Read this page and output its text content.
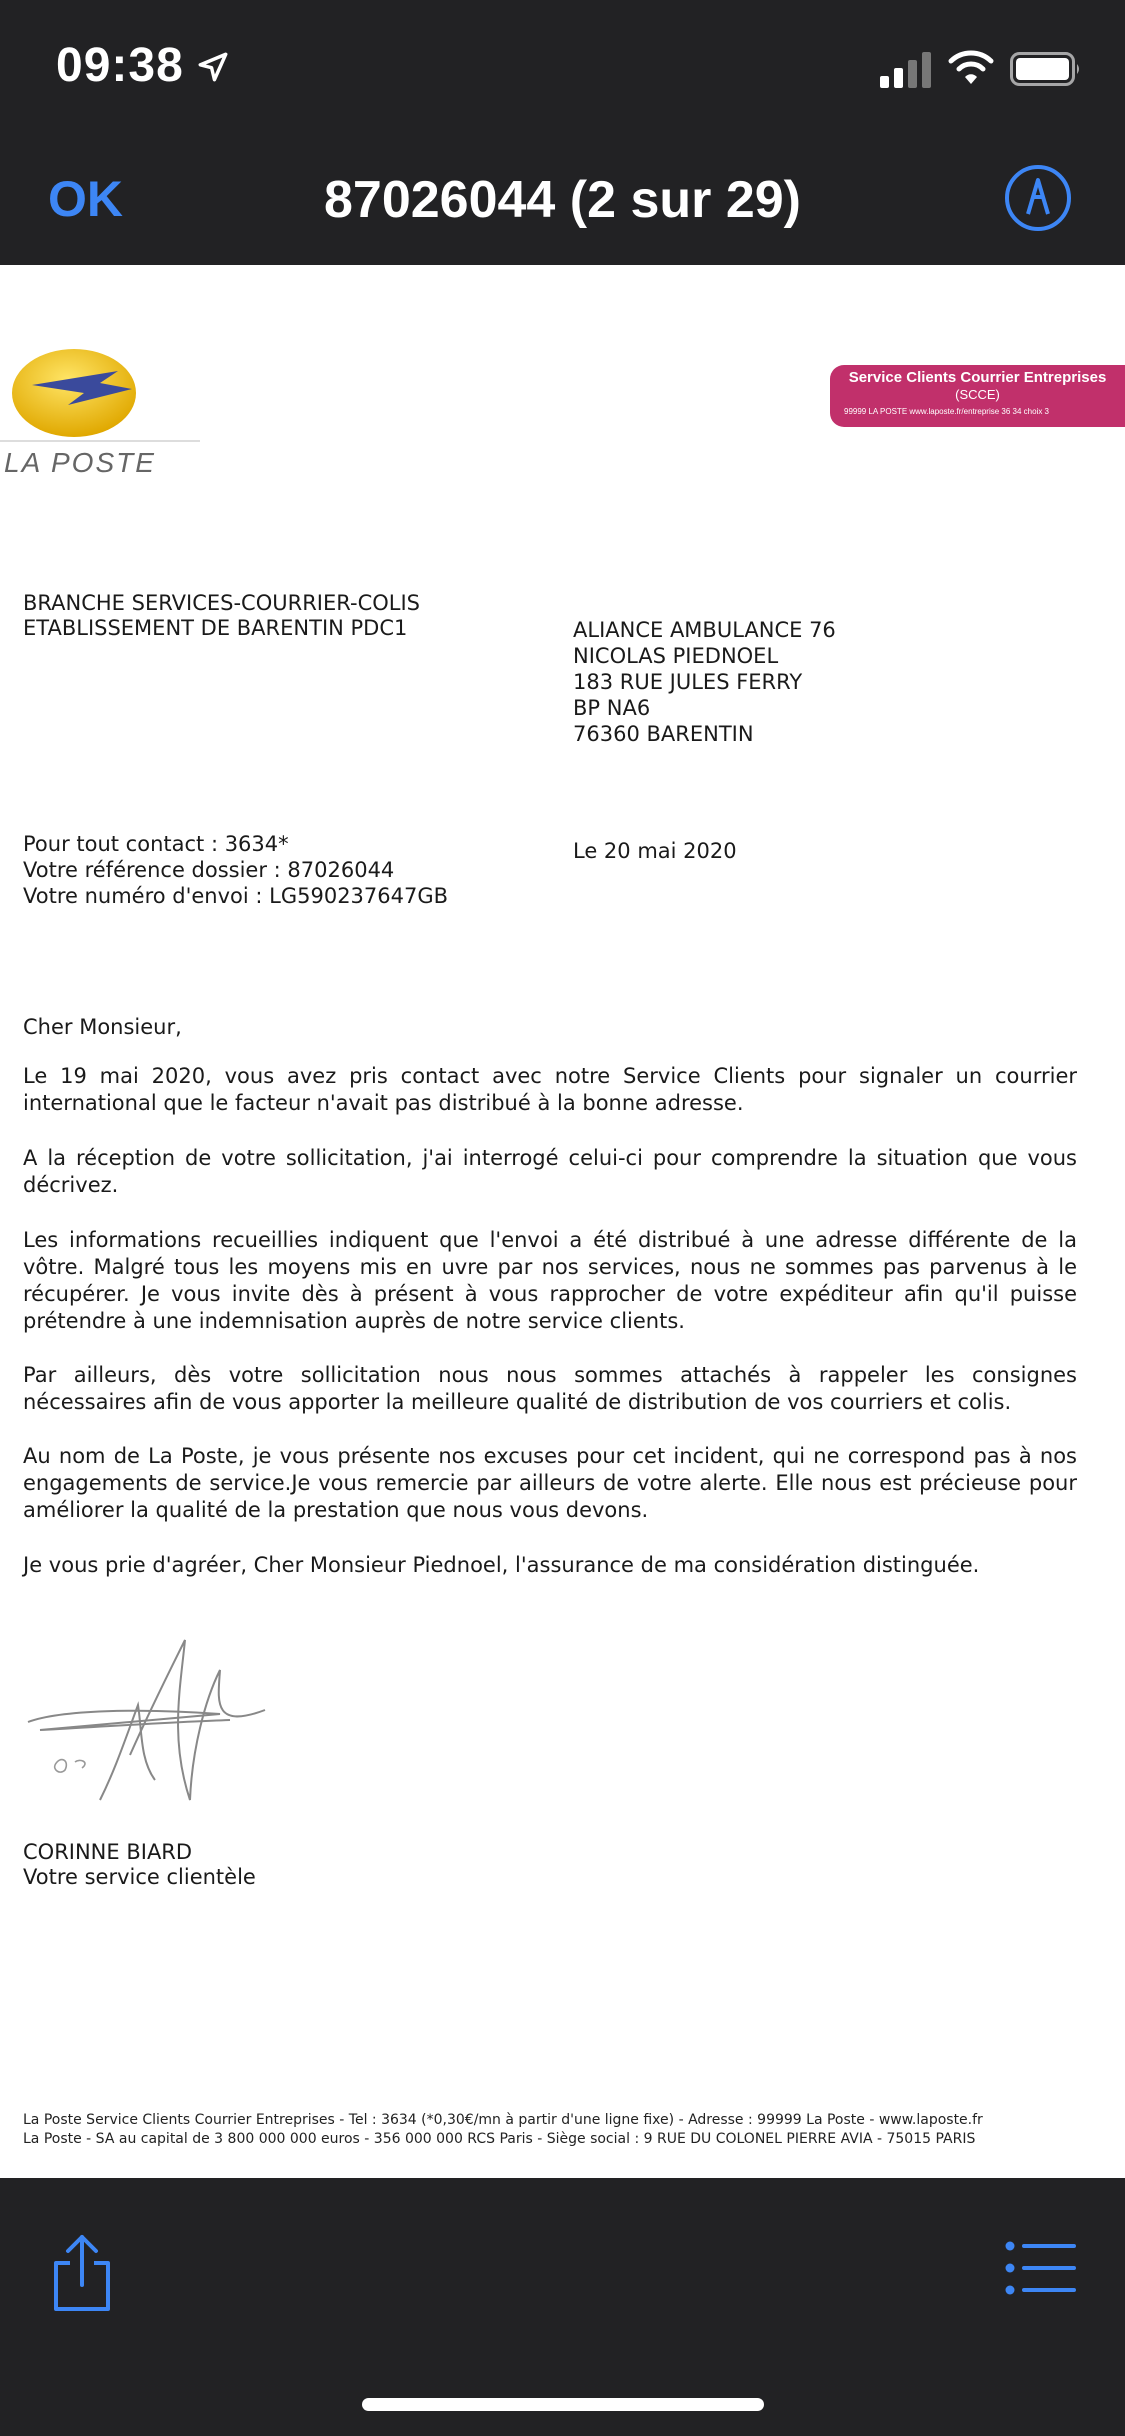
09:38
OK	87026044 (2 sur 29)
LA POSTE
Service Clients Courrier Entreprises
(SCCE)
99999 LA POSTE www.laposte.fr/entreprise 36 34 choix 3
BRANCHE SERVICES-COURRIER-COLIS
ETABLISSEMENT DE BARENTIN PDC1	ALIANCE AMBULANCE 76
NICOLAS PIEDNOEL
183 RUE JULES FERRY
BP NA6
76360 BARENTIN
Pour tout contact : 3634*
Votre référence dossier : 87026044
Votre numéro d'envoi : LG590237647GB
Le 20 mai 2020
Cher Monsieur,
Le 19 mai 2020, vous avez pris contact avec notre Service Clients pour signaler un courrier international que le facteur n'avait pas distribué à la bonne adresse.
A la réception de votre sollicitation, j'ai interrogé celui-ci pour comprendre la situation que vous décrivez.
Les informations recueillies indiquent que l'envoi a été distribué à une adresse différente de la vôtre. Malgré tous les moyens mis en uvre par nos services, nous ne sommes pas parvenus à le récupérer. Je vous invite dès à présent à vous rapprocher de votre expéditeur afin qu'il puisse prétendre à une indemnisation auprès de notre service clients.
Par ailleurs, dès votre sollicitation nous nous sommes attachés à rappeler les consignes nécessaires afin de vous apporter la meilleure qualité de distribution de vos courriers et colis.
Au nom de La Poste, je vous présente nos excuses pour cet incident, qui ne correspond pas à nos engagements de service.Je vous remercie par ailleurs de votre alerte. Elle nous est précieuse pour améliorer la qualité de la prestation que nous vous devons.
Je vous prie d'agréer, Cher Monsieur Piednoel, l'assurance de ma considération distinguée.
CORINNE BIARD
Votre service clientèle
La Poste Service Clients Courrier Entreprises - Tel : 3634 (*0,30€/mn à partir d'une ligne fixe) - Adresse : 99999 La Poste - www.laposte.fr
La Poste - SA au capital de 3 800 000 000 euros - 356 000 000 RCS Paris - Siège social : 9 RUE DU COLONEL PIERRE AVIA - 75015 PARIS
